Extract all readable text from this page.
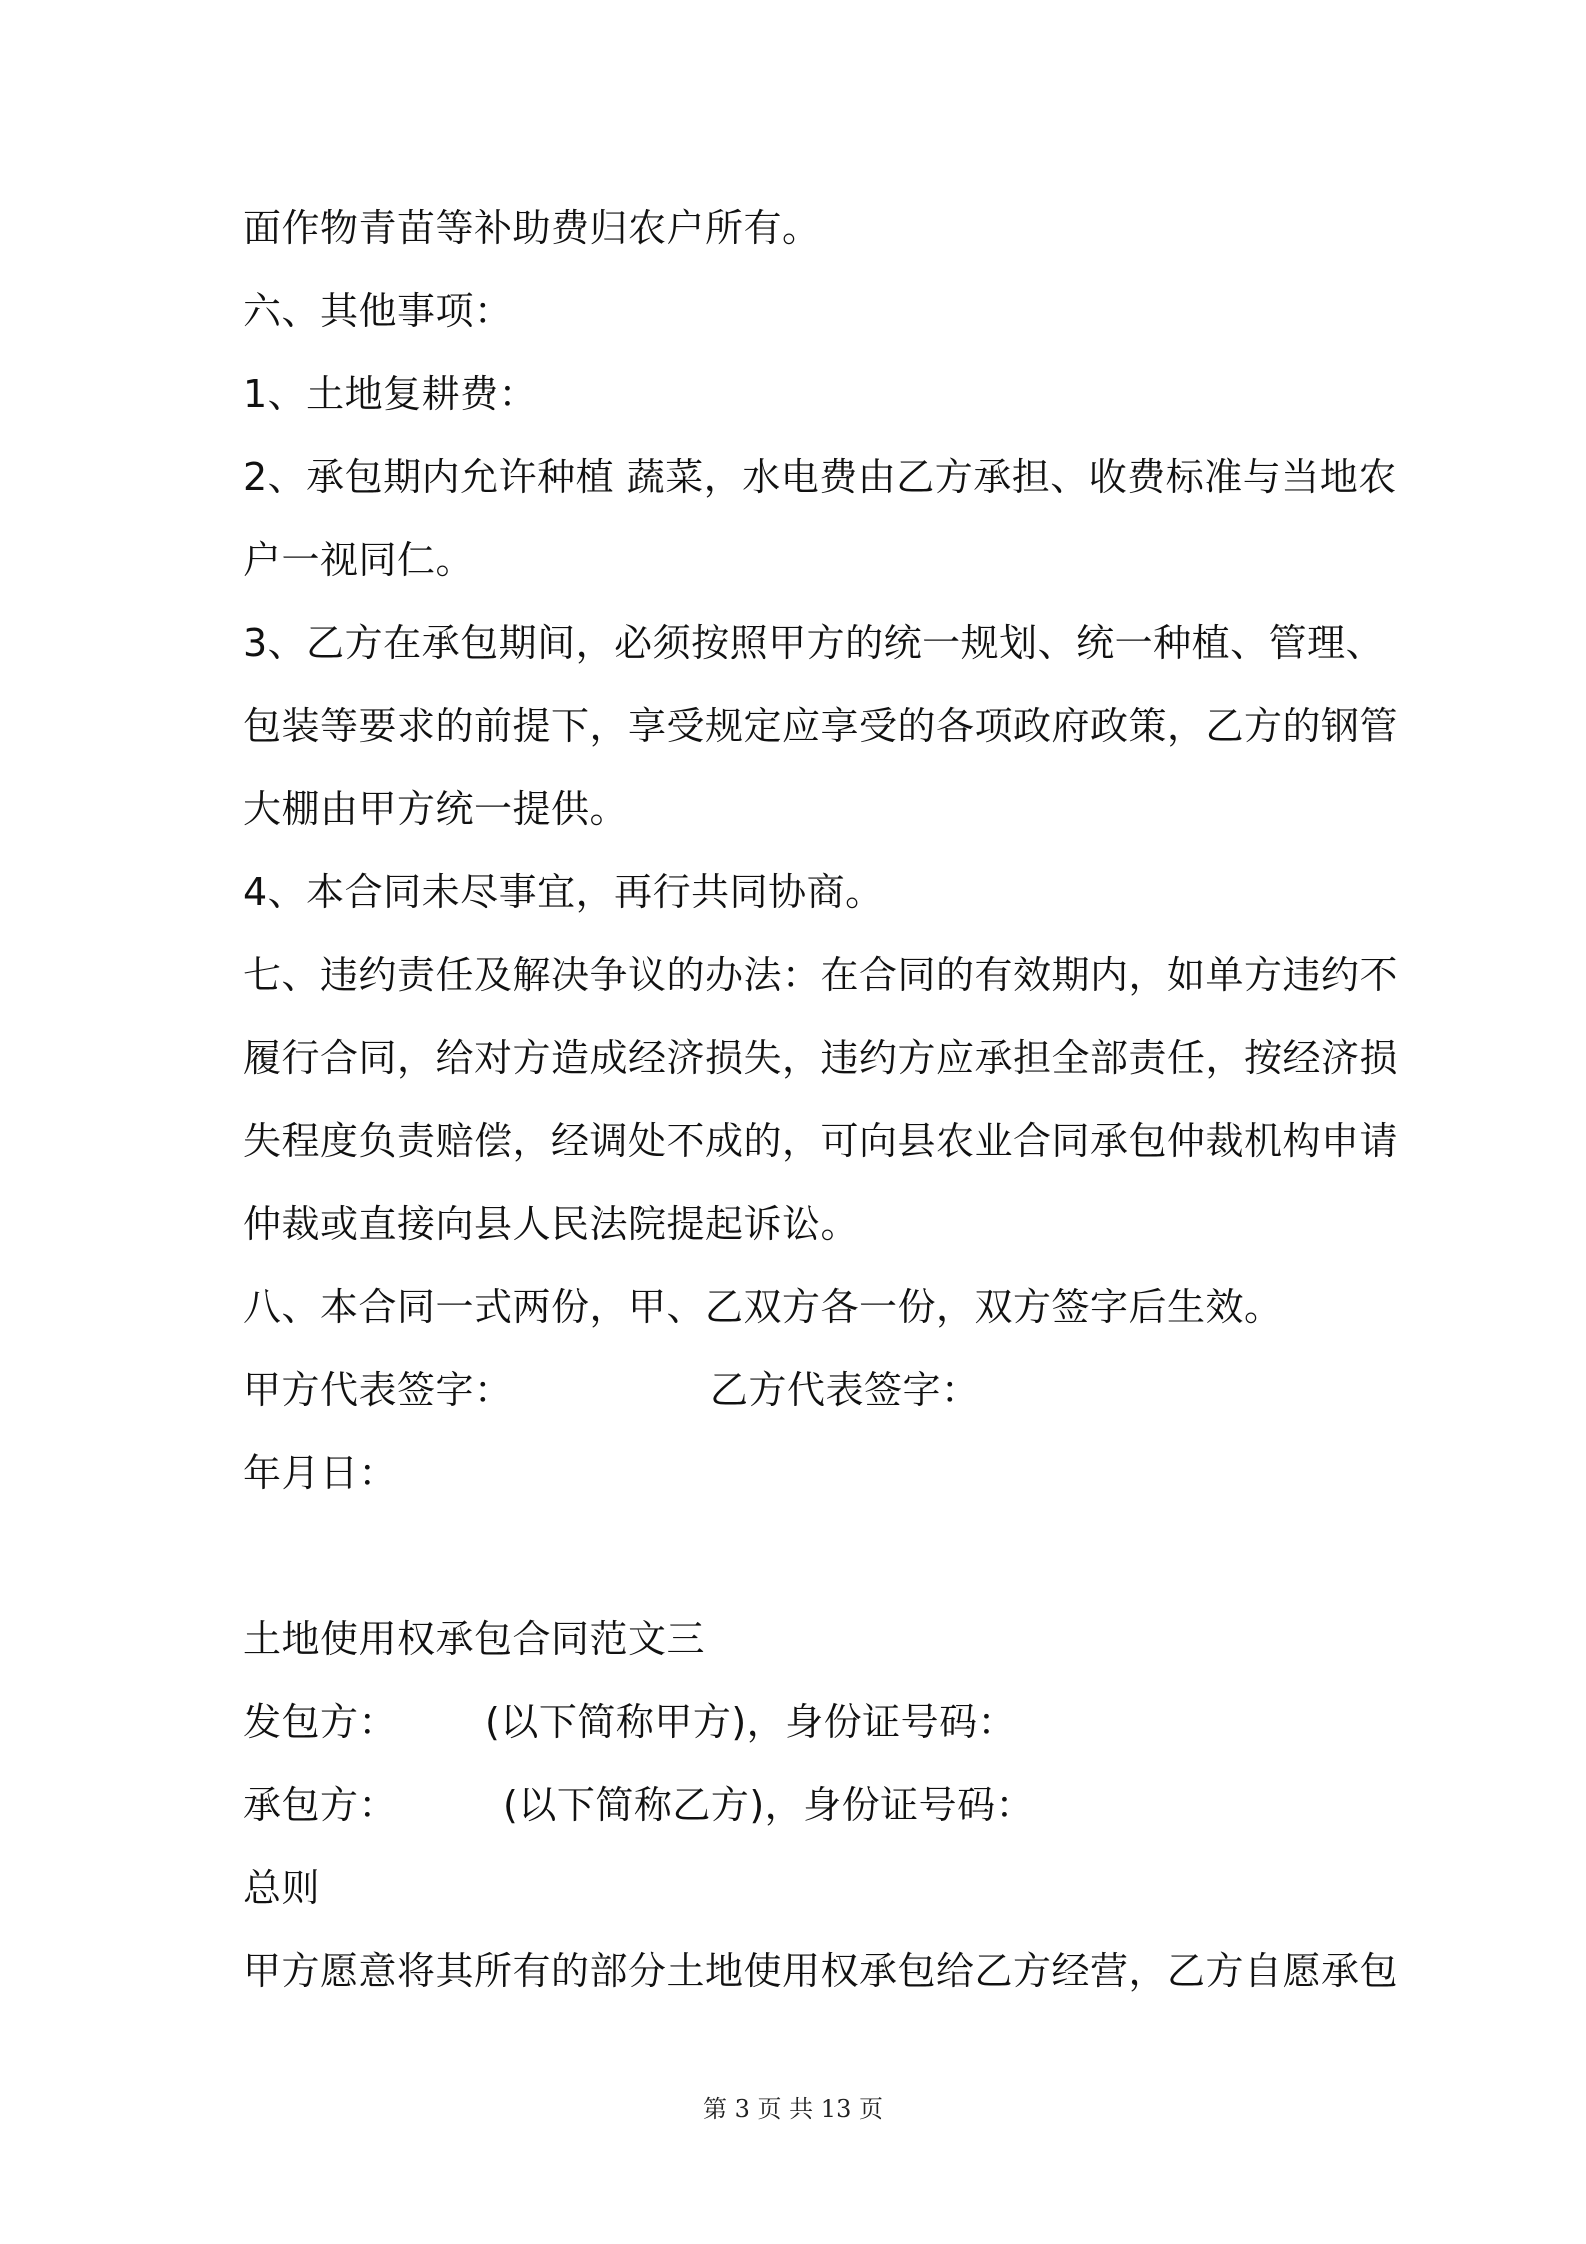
面作物青苗等补助费归农户所有。
六、其他事项：
1、土地复耕费：
2、承包期内允许种植 蔬菜，水电费由乙方承担、收费标准与当地农
户一视同仁。
3、乙方在承包期间，必须按照甲方的统一规划、统一种植、管理、
包装等要求的前提下，享受规定应享受的各项政府政策，乙方的钢管
大棚由甲方统一提供。
4、本合同未尽事宜，再行共同协商。
七、违约责任及解决争议的办法：在合同的有效期内，如单方违约不
履行合同，给对方造成经济损失，违约方应承担全部责任，按经济损
失程度负责赔偿，经调处不成的，可向县农业合同承包仲裁机构申请
仲裁或直接向县人民法院提起诉讼。
八、本合同一式两份，甲、乙双方各一份，双方签字后生效。
甲方代表签字：	乙方代表签字：
年月日：
土地使用权承包合同范文三
发包方： (以下简称甲方)，身份证号码：
承包方：	(以下简称乙方)，身份证号码：
总则
甲方愿意将其所有的部分土地使用权承包给乙方经营，乙方自愿承包
第 3 页 共 13 页
